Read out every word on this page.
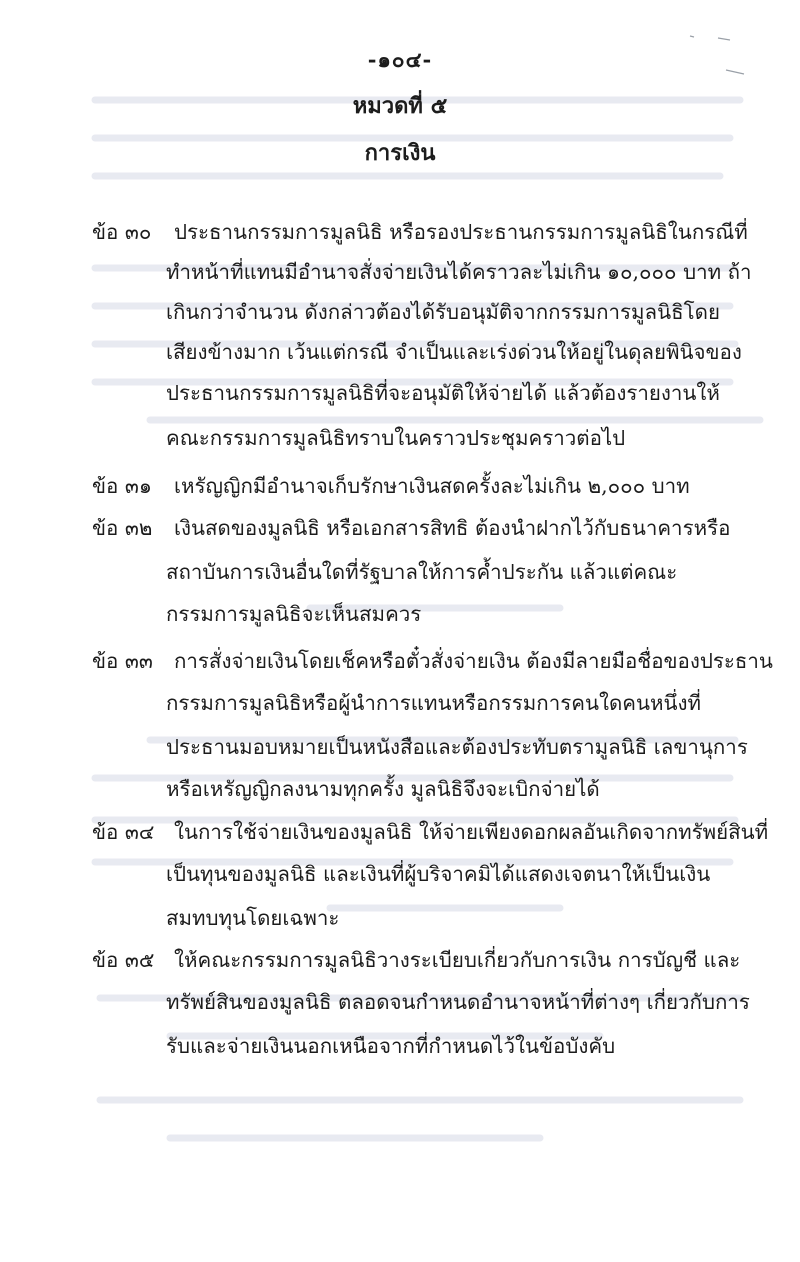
-๑๐๔-
หมวดที่ ๕
การเงิน
ข้อ ๓๐ ประธานกรรมการมูลนิธิ หรือรองประธานกรรมการมูลนิธิในกรณีที่
ทำหน้าที่แทนมีอำนาจสั่งจ่ายเงินได้คราวละไม่เกิน ๑๐,๐๐๐ บาท ถ้า
เกินกว่าจำนวน ดังกล่าวต้องได้รับอนุมัติจากกรรมการมูลนิธิโดย
เสียงข้างมาก เว้นแต่กรณี จำเป็นและเร่งด่วนให้อยู่ในดุลยพินิจของ
ประธานกรรมการมูลนิธิที่จะอนุมัติให้จ่ายได้ แล้วต้องรายงานให้
คณะกรรมการมูลนิธิทราบในคราวประชุมคราวต่อไป
ข้อ ๓๑ เหรัญญิกมีอำนาจเก็บรักษาเงินสดครั้งละไม่เกิน ๒,๐๐๐ บาท
ข้อ ๓๒ เงินสดของมูลนิธิ หรือเอกสารสิทธิ ต้องนำฝากไว้กับธนาคารหรือ
สถาบันการเงินอื่นใดที่รัฐบาลให้การค้ำประกัน แล้วแต่คณะ
กรรมการมูลนิธิจะเห็นสมควร
ข้อ ๓๓ การสั่งจ่ายเงินโดยเช็คหรือตั๋วสั่งจ่ายเงิน ต้องมีลายมือชื่อของประธาน
กรรมการมูลนิธิหรือผู้นำการแทนหรือกรรมการคนใดคนหนึ่งที่
ประธานมอบหมายเป็นหนังสือและต้องประทับตรามูลนิธิ เลขานุการ
หรือเหรัญญิกลงนามทุกครั้ง มูลนิธิจึงจะเบิกจ่ายได้
ข้อ ๓๔ ในการใช้จ่ายเงินของมูลนิธิ ให้จ่ายเพียงดอกผลอันเกิดจากทรัพย์สินที่
เป็นทุนของมูลนิธิ และเงินที่ผู้บริจาคมิได้แสดงเจตนาให้เป็นเงิน
สมทบทุนโดยเฉพาะ
ข้อ ๓๕ ให้คณะกรรมการมูลนิธิวางระเบียบเกี่ยวกับการเงิน การบัญชี และ
ทรัพย์สินของมูลนิธิ ตลอดจนกำหนดอำนาจหน้าที่ต่างๆ เกี่ยวกับการ
รับและจ่ายเงินนอกเหนือจากที่กำหนดไว้ในข้อบังคับ
